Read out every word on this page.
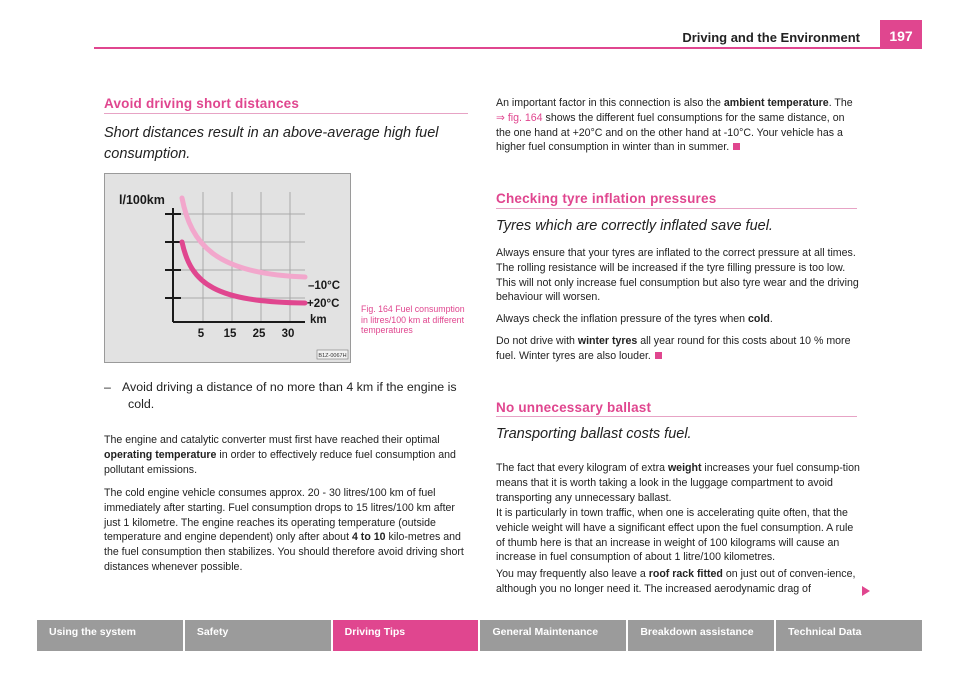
Driving and the Environment	197
Avoid driving short distances

Short distances result in an above-average high fuel consumption.

l/100km
–10°C
+20°C
km
5 15 25 30
B1Z-0067H
Fig. 164 Fuel consumption in litres/100 km at different temperatures
– Avoid driving a distance of no more than 4 km if the engine is cold.

The engine and catalytic converter must first have reached their optimal operating temperature in order to effectively reduce fuel consumption and pollutant emissions.

The cold engine vehicle consumes approx. 20 - 30 litres/100 km of fuel immediately after starting. Fuel consumption drops to 15 litres/100 km after just 1 kilometre. The engine reaches its operating temperature (outside temperature and engine dependent) only after about 4 to 10 kilo-metres and the fuel consumption then stabilizes. You should therefore avoid driving short distances whenever possible.

An important factor in this connection is also the ambient temperature. The ⇒ fig. 164 shows the different fuel consumptions for the same distance, on the one hand at +20°C and on the other hand at -10°C. Your vehicle has a higher fuel consumption in winter than in summer.

Checking tyre inflation pressures

Tyres which are correctly inflated save fuel.

Always ensure that your tyres are inflated to the correct pressure at all times. The rolling resistance will be increased if the tyre filling pressure is too low. This will not only increase fuel consumption but also tyre wear and the driving behaviour will worsen.

Always check the inflation pressure of the tyres when cold.

Do not drive with winter tyres all year round for this costs about 10 % more fuel. Winter tyres are also louder.

No unnecessary ballast

Transporting ballast costs fuel.

The fact that every kilogram of extra weight increases your fuel consump-tion means that it is worth taking a look in the luggage compartment to avoid transporting any unnecessary ballast.

It is particularly in town traffic, when one is accelerating quite often, that the vehicle weight will have a significant effect upon the fuel consumption. A rule of thumb here is that an increase in weight of 100 kilograms will cause an increase in fuel consumption of about 1 litre/100 kilometres.

You may frequently also leave a roof rack fitted on just out of conven-ience, although you no longer need it. The increased aerodynamic drag of

Using the system	Safety	Driving Tips	General Maintenance	Breakdown assistance	Technical Data
